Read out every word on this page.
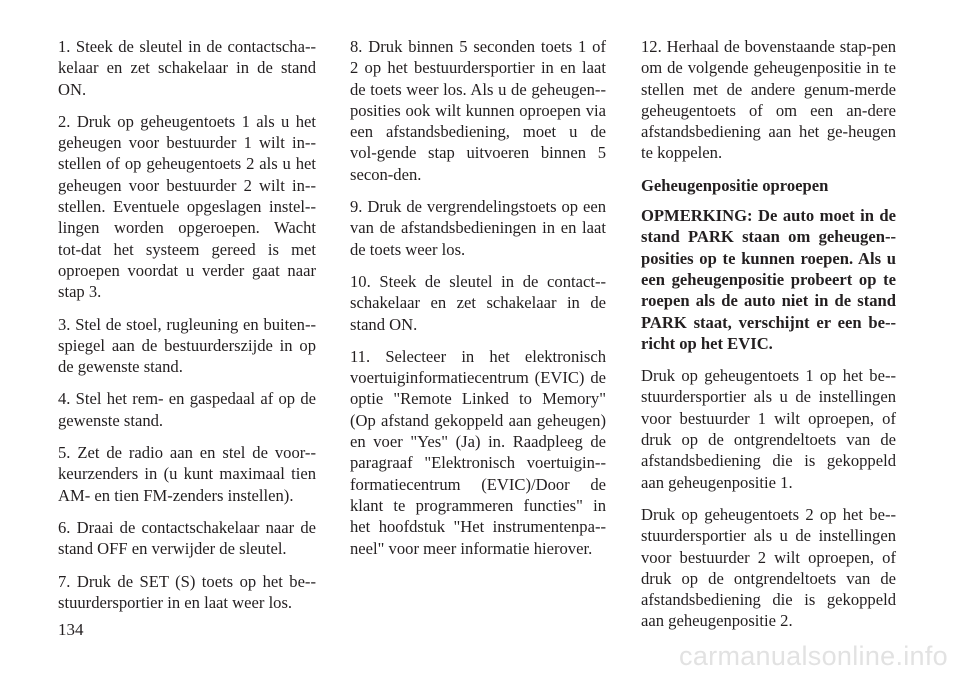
1. Steek de sleutel in de contactscha-kelaar en zet schakelaar in de stand ON.

2. Druk op geheugentoets 1 als u het geheugen voor bestuurder 1 wilt in-stellen of op geheugentoets 2 als u het geheugen voor bestuurder 2 wilt in-stellen. Eventuele opgeslagen instel-lingen worden opgeroepen. Wacht tot-dat het systeem gereed is met oproepen voordat u verder gaat naar stap 3.

3. Stel de stoel, rugleuning en buiten-spiegel aan de bestuurderszijde in op de gewenste stand.

4. Stel het rem- en gaspedaal af op de gewenste stand.

5. Zet de radio aan en stel de voor-keurzenders in (u kunt maximaal tien AM- en tien FM-zenders instellen).

6. Draai de contactschakelaar naar de stand OFF en verwijder de sleutel.

7. Druk de SET (S) toets op het be-stuurdersportier in en laat weer los.

8. Druk binnen 5 seconden toets 1 of 2 op het bestuurdersportier in en laat de toets weer los. Als u de geheugen-posities ook wilt kunnen oproepen via een afstandsbediening, moet u de vol-gende stap uitvoeren binnen 5 secon-den.

9. Druk de vergrendelingstoets op een van de afstandsbedieningen in en laat de toets weer los.

10. Steek de sleutel in de contact-schakelaar en zet schakelaar in de stand ON.

11. Selecteer in het elektronisch voertuiginformatiecentrum (EVIC) de optie "Remote Linked to Memory" (Op afstand gekoppeld aan geheugen) en voer "Yes" (Ja) in. Raadpleeg de paragraaf "Elektronisch voertuigin-formatiecentrum (EVIC)/Door de klant te programmeren functies" in het hoofdstuk "Het instrumentenpa-neel" voor meer informatie hierover.

12. Herhaal de bovenstaande stap-pen om de volgende geheugenpositie in te stellen met de andere genum-merde geheugentoets of om een an-dere afstandsbediening aan het ge-heugen te koppelen.

Geheugenpositie oproepen

OPMERKING: De auto moet in de stand PARK staan om geheugen-posities op te kunnen roepen. Als u een geheugenpositie probeert op te roepen als de auto niet in de stand PARK staat, verschijnt er een be-richt op het EVIC.

Druk op geheugentoets 1 op het be-stuurdersportier als u de instellingen voor bestuurder 1 wilt oproepen, of druk op de ontgrendeltoets van de afstandsbediening die is gekoppeld aan geheugenpositie 1.

Druk op geheugentoets 2 op het be-stuurdersportier als u de instellingen voor bestuurder 2 wilt oproepen, of druk op de ontgrendeltoets van de afstandsbediening die is gekoppeld aan geheugenpositie 2.

134
carmanualsonline.info
